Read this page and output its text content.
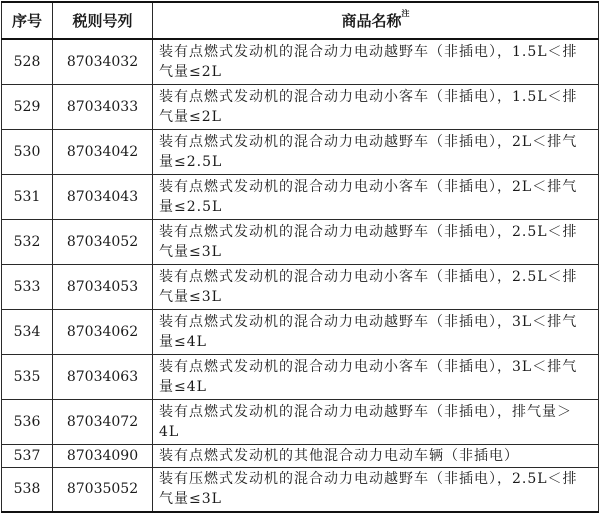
序号	税则号列	商品名称$^注$
528	87034032	装有点燃式发动机的混合动力电动越野车（非插电），1.5L＜排气量≤2L
529	87034033	装有点燃式发动机的混合动力电动小客车（非插电），1.5L＜排气量≤2L
530	87034042	装有点燃式发动机的混合动力电动越野车（非插电），2L＜排气量≤2.5L
531	87034043	装有点燃式发动机的混合动力电动小客车（非插电），2L＜排气量≤2.5L
532	87034052	装有点燃式发动机的混合动力电动越野车（非插电），2.5L＜排气量≤3L
533	87034053	装有点燃式发动机的混合动力电动小客车（非插电），2.5L＜排气量≤3L
534	87034062	装有点燃式发动机的混合动力电动越野车（非插电），3L＜排气量≤4L
535	87034063	装有点燃式发动机的混合动力电动小客车（非插电），3L＜排气量≤4L
536	87034072	装有点燃式发动机的混合动力电动越野车（非插电），排气量＞4L
537	87034090	装有点燃式发动机的其他混合动力电动车辆（非插电）
538	87035052	装有压燃式发动机的混合动力电动越野车（非插电），2.5L＜排气量≤3L
